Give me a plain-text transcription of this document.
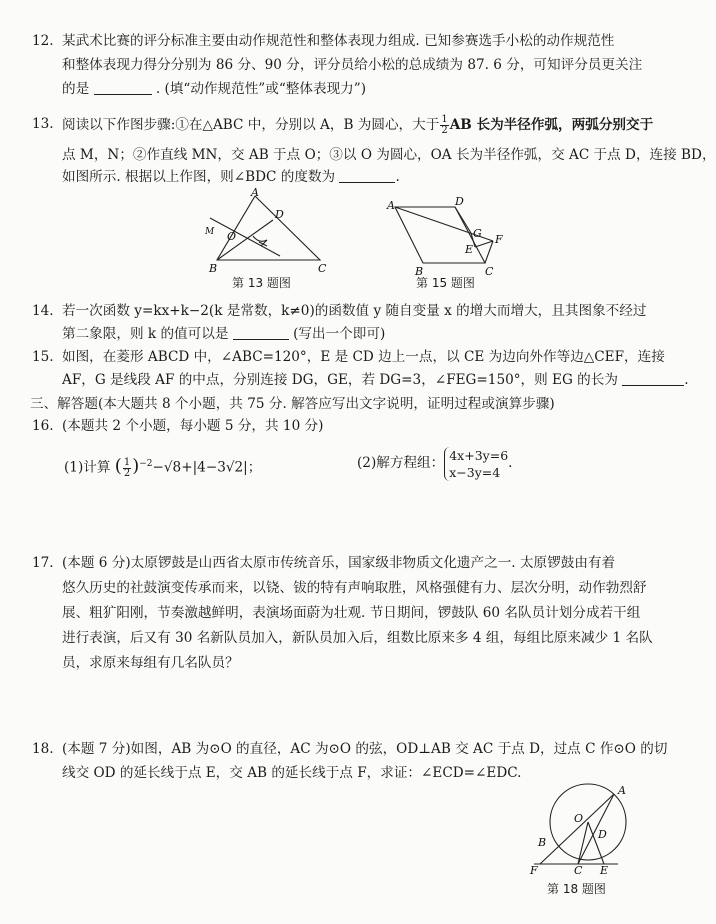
12. 某武术比赛的评分标准主要由动作规范性和整体表现力组成. 已知参赛选手小松的动作规范性
和整体表现力得分分别为 86 分、90 分，评分员给小松的总成绩为 87. 6 分，可知评分员更关注
的是	. (填“动作规范性”或“整体表现力”)
13. 阅读以下作图步骤:①在△ABC 中，分别以 A，B 为圆心，大于 $\frac{1}{2}$ AB 长为半径作弧，两弧分别交于
点 M，N；②作直线 MN，交 AB 于点 O；③以 O 为圆心，OA 长为半径作弧，交 AC 于点 D，连接 BD，
如图所示. 根据以上作图，则∠BDC 的度数为	.
A
D
O
M
B	C
第 13 题图
A	D
G
E
F
B	C
第 15 题图
14. 若一次函数 y=kx+k−2(k 是常数，k≠0)的函数值 y 随自变量 x 的增大而增大，且其图象不经过
第二象限，则 k 的值可以是	(写出一个即可)
15. 如图，在菱形 ABCD 中，∠ABC=120°，E 是 CD 边上一点，以 CE 为边向外作等边△CEF，连接
AF，G 是线段 AF 的中点，分别连接 DG，GE，若 DG=3，∠FEG=150°，则 EG 的长为	.
三、解答题(本大题共 8 个小题，共 75 分. 解答应写出文字说明，证明过程或演算步骤)
16. (本题共 2 个小题，每小题 5 分，共 10 分)
(1)计算 ( $\frac{1}{2} )^{-2}-√8+|4-3√2|$；	(2)解方程组： 4x+3y=6
x−3y=4
.
17. (本题 6 分)太原锣鼓是山西省太原市传统音乐，国家级非物质文化遗产之一. 太原锣鼓由有着
悠久历史的社鼓演变传承而来，以铙、钹的特有声响取胜，风格强健有力、层次分明，动作勃烈舒
展、粗犷阳刚，节奏激越鲜明，表演场面蔚为壮观. 节日期间，锣鼓队 60 名队员计划分成若干组
进行表演，后又有 30 名新队员加入，新队员加入后，组数比原来多 4 组，每组比原来减少 1 名队
员，求原来每组有几名队员？
18. (本题 7 分)如图，AB 为⊙O 的直径，AC 为⊙O 的弦，OD⊥AB 交 AC 于点 D，过点 C 作⊙O 的切
线交 OD 的延长线于点 E，交 AB 的延长线于点 F，求证：∠ECD=∠EDC.
A
O
D
B
F	C E
第 18 题图
